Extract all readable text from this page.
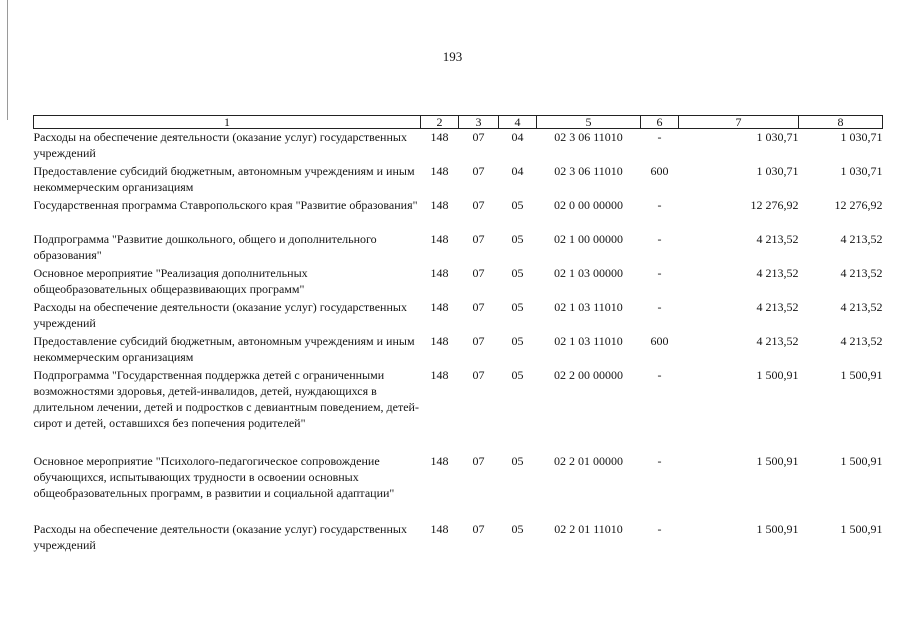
193
1	2	3	4	5	6	7	8
Расходы на обеспечение деятельности (оказание услуг) государственных учреждений	148	07	04	02 3 06 11010	-	1 030,71	1 030,71
Предоставление субсидий бюджетным, автономным учреждениям и иным некоммерческим организациям	148	07	04	02 3 06 11010	600	1 030,71	1 030,71
Государственная программа Ставропольского края "Развитие образования"	148	07	05	02 0 00 00000	-	12 276,92	12 276,92
Подпрограмма "Развитие дошкольного, общего и дополнительного образования"	148	07	05	02 1 00 00000	-	4 213,52	4 213,52
Основное мероприятие "Реализация дополнительных общеобразовательных общеразвивающих программ"	148	07	05	02 1 03 00000	-	4 213,52	4 213,52
Расходы на обеспечение деятельности (оказание услуг) государственных учреждений	148	07	05	02 1 03 11010	-	4 213,52	4 213,52
Предоставление субсидий бюджетным, автономным учреждениям и иным некоммерческим организациям	148	07	05	02 1 03 11010	600	4 213,52	4 213,52
Подпрограмма "Государственная поддержка детей с ограниченными возможностями здоровья, детей-инвалидов, детей, нуждающихся в длительном лечении, детей и подростков с девиантным поведением, детей-сирот и детей, оставшихся без попечения родителей"	148	07	05	02 2 00 00000	-	1 500,91	1 500,91
Основное мероприятие "Психолого-педагогическое сопровождение обучающихся, испытывающих трудности в освоении основных общеобразовательных программ, в развитии и социальной адаптации"	148	07	05	02 2 01 00000	-	1 500,91	1 500,91
Расходы на обеспечение деятельности (оказание услуг) государственных учреждений	148	07	05	02 2 01 11010	-	1 500,91	1 500,91
